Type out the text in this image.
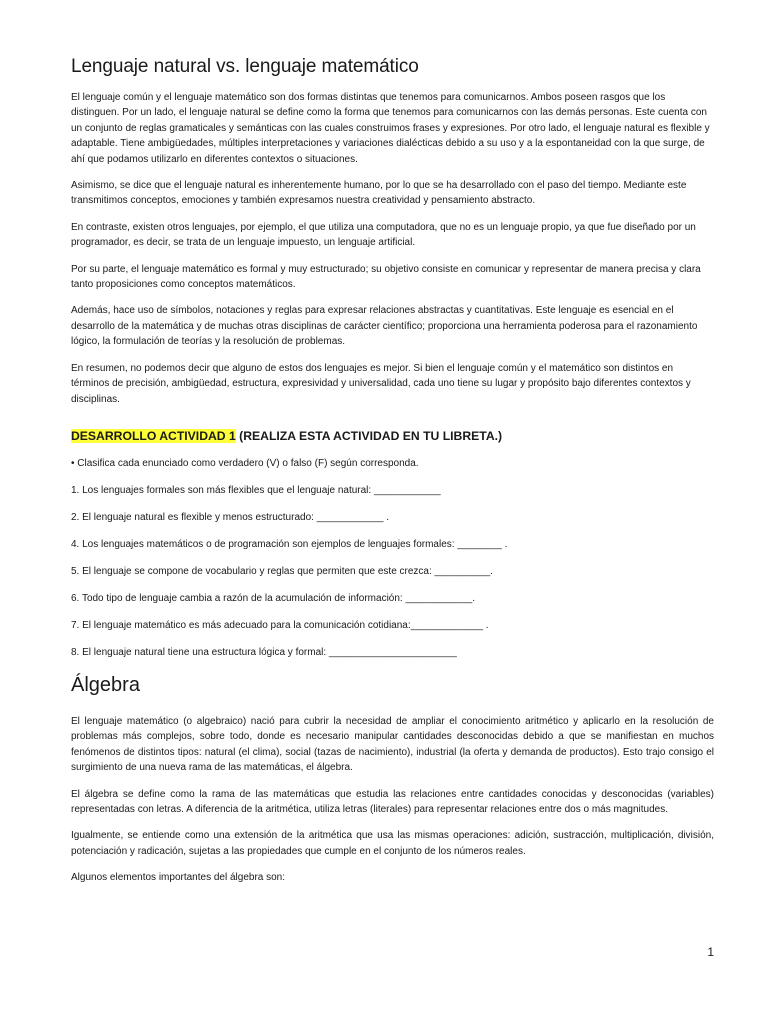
Lenguaje natural vs. lenguaje matemático

El lenguaje común y el lenguaje matemático son dos formas distintas que tenemos para comunicarnos. Ambos poseen rasgos que los distinguen. Por un lado, el lenguaje natural se define como la forma que tenemos para comunicarnos con las demás personas. Este cuenta con un conjunto de reglas gramaticales y semánticas con las cuales construimos frases y expresiones. Por otro lado, el lenguaje natural es flexible y adaptable. Tiene ambigüedades, múltiples interpretaciones y variaciones dialécticas debido a su uso y a la espontaneidad con la que surge, de ahí que podamos utilizarlo en diferentes contextos o situaciones.

Asimismo, se dice que el lenguaje natural es inherentemente humano, por lo que se ha desarrollado con el paso del tiempo. Mediante este transmitimos conceptos, emociones y también expresamos nuestra creatividad y pensamiento abstracto.

En contraste, existen otros lenguajes, por ejemplo, el que utiliza una computadora, que no es un lenguaje propio, ya que fue diseñado por un programador, es decir, se trata de un lenguaje impuesto, un lenguaje artificial.

Por su parte, el lenguaje matemático es formal y muy estructurado; su objetivo consiste en comunicar y representar de manera precisa y clara tanto proposiciones como conceptos matemáticos.

Además, hace uso de símbolos, notaciones y reglas para expresar relaciones abstractas y cuantitativas. Este lenguaje es esencial en el desarrollo de la matemática y de muchas otras disciplinas de carácter científico; proporciona una herramienta poderosa para el razonamiento lógico, la formulación de teorías y la resolución de problemas.

En resumen, no podemos decir que alguno de estos dos lenguajes es mejor. Si bien el lenguaje común y el matemático son distintos en términos de precisión, ambigüedad, estructura, expresividad y universalidad, cada uno tiene su lugar y propósito bajo diferentes contextos y disciplinas.

DESARROLLO ACTIVIDAD 1 (REALIZA ESTA ACTIVIDAD EN TU LIBRETA.)

• Clasifica cada enunciado como verdadero (V) o falso (F) según corresponda.

1. Los lenguajes formales son más flexibles que el lenguaje natural: ____________

2. El lenguaje natural es flexible y menos estructurado: ____________ .

4. Los lenguajes matemáticos o de programación son ejemplos de lenguajes formales: ________ .

5. El lenguaje se compone de vocabulario y reglas que permiten que este crezca: __________.

6. Todo tipo de lenguaje cambia a razón de la acumulación de información: ____________.

7. El lenguaje matemático es más adecuado para la comunicación cotidiana:_____________ .

8. El lenguaje natural tiene una estructura lógica y formal: _______________________

Álgebra

El lenguaje matemático (o algebraico) nació para cubrir la necesidad de ampliar el conocimiento aritmético y aplicarlo en la resolución de problemas más complejos, sobre todo, donde es necesario manipular cantidades desconocidas debido a que se manifiestan en muchos fenómenos de distintos tipos: natural (el clima), social (tazas de nacimiento), industrial (la oferta y demanda de productos). Esto trajo consigo el surgimiento de una nueva rama de las matemáticas, el álgebra.

El álgebra se define como la rama de las matemáticas que estudia las relaciones entre cantidades conocidas y desconocidas (variables) representadas con letras. A diferencia de la aritmética, utiliza letras (literales) para representar relaciones entre dos o más magnitudes.

Igualmente, se entiende como una extensión de la aritmética que usa las mismas operaciones: adición, sustracción, multiplicación, división, potenciación y radicación, sujetas a las propiedades que cumple en el conjunto de los números reales.

Algunos elementos importantes del álgebra son:

1
